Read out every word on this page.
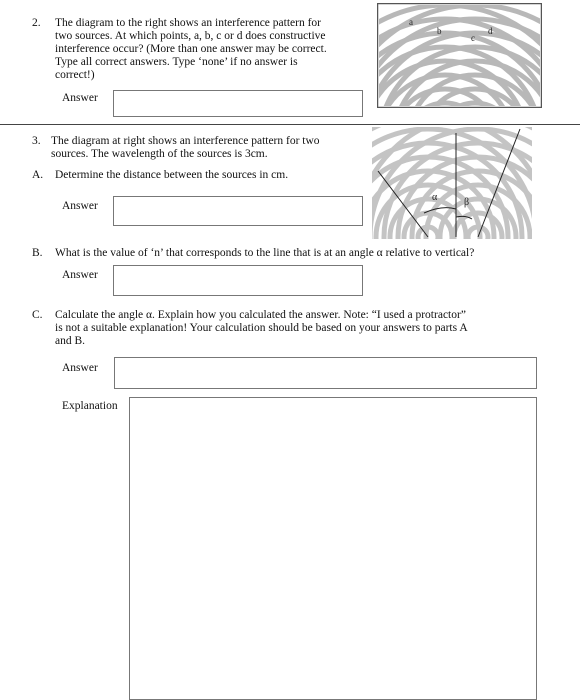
2. The diagram to the right shows an interference pattern for
two sources. At which points, a, b, c or d does constructive
interference occur? (More than one answer may be correct.
Type all correct answers. Type ‘none’ if no answer is
correct!)
Answer
a
b
c
d
3. The diagram at right shows an interference pattern for two
sources. The wavelength of the sources is 3cm.
A. Determine the distance between the sources in cm.
Answer
α	β
B. What is the value of ‘n’ that corresponds to the line that is at an angle α relative to vertical?
Answer
C. Calculate the angle α. Explain how you calculated the answer. Note: “I used a protractor”
is not a suitable explanation! Your calculation should be based on your answers to parts A
and B.
Answer
Explanation
